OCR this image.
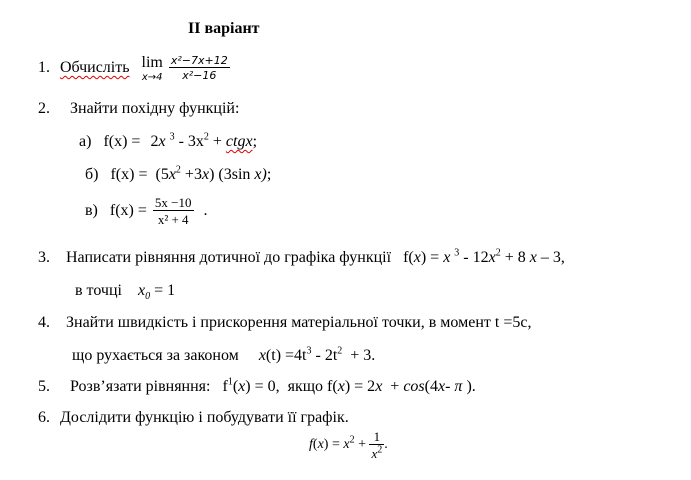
ІІ варіант
1. Обчисліть lim
x→4
$\frac{\text{x²−7x+12}}{\text{x²−16}}$
2. Знайти похідну функцій:
а) f(x) = 2x $^3 - 3x^2$ + ctgx;
б) $f(x) = (5x^2 +3x)$ (3sin x);
в) $f(x) = \frac{5x -10}{\text{x² + 4}}$ .
3. Написати рівняння дотичної до графіка функції f(x) = x $^3 - 12x^2 + 8$ x – 3,
в точці $x_0 = 1$
4. Знайти швидкість і прискорення матеріальної точки, в момент t =5с,
що рухається за законом $x(t) =4t^3 - 2t^2 + 3$.
5. Розв’язати рівняння: $f^1(x) = 0$,  якщо f(x) = 2x  + cos(4x- π ).
6. Дослідити функцію і побудувати її графік.
$f(x) = x^2 + \frac{1}{x^2}$ .
